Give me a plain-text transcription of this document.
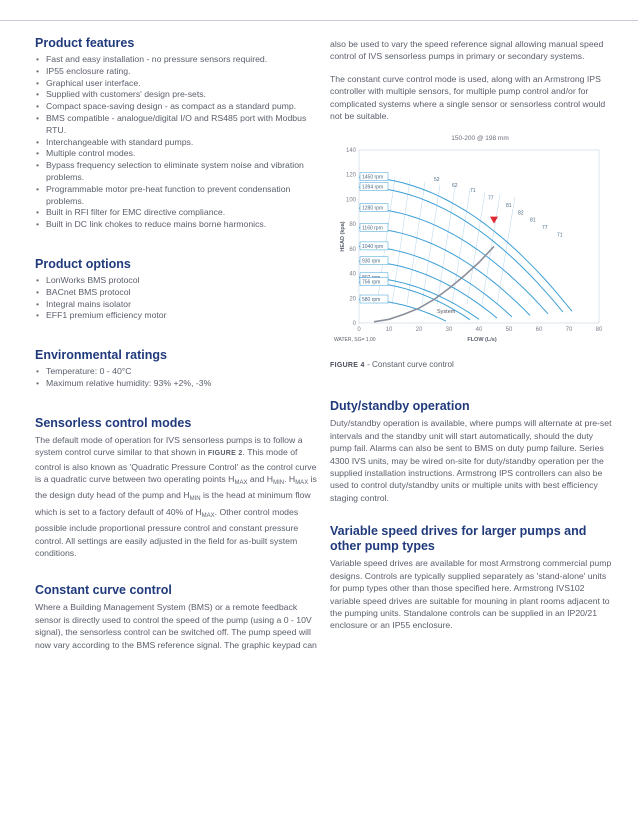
Product features
• Fast and easy installation - no pressure sensors required.
• IP55 enclosure rating.
• Graphical user interface.
• Supplied with customers' design pre-sets.
• Compact space-saving design - as compact as a standard pump.
• BMS compatible - analogue/digital I/O and RS485 port with Modbus RTU.
• Interchangeable with standard pumps.
• Multiple control modes.
• Bypass frequency selection to eliminate system noise and vibration problems.
• Programmable motor pre-heat function to prevent condensation problems.
• Built in RFI filter for EMC directive compliance.
• Built in DC link chokes to reduce mains borne harmonics.
Product options
• LonWorks BMS protocol
• BACnet BMS protocol
• Integral mains isolator
• EFF1 premium efficiency motor
Environmental ratings
• Temperature: 0 - 40°C
• Maximum relative humidity: 93% +2%, -3%
Sensorless control modes

The default mode of operation for IVS sensorless pumps is to follow a system control curve similar to that shown in FIGURE 2. This mode of control is also known as 'Quadratic Pressure Control' as the control curve is a quadratic curve between two operating points $H_{MAX}$ and $H_{MIN}$. $H_{MAX}$ is the design duty head of the pump and $H_{MIN}$ is the head at minimum flow which is set to a factory default of 40% of $H_{MAX}$. Other control modes possible include proportional pressure control and constant pressure control. All settings are easily adjusted in the field for as-built system conditions.

Constant curve control

Where a Building Management System (BMS) or a remote feedback sensor is directly used to control the speed of the pump (using a 0 - 10V signal), the sensorless control can be switched off. The pump speed will now vary according to the BMS reference signal. The graphic keypad can

also be used to vary the speed reference signal allowing manual speed control of IVS sensorless pumps in primary or secondary systems.

The constant curve control mode is used, along with an Armstrong IPS controller with multiple sensors, for multiple pump control and/or for complicated systems where a single sensor or sensorless control would not be suitable.

150-200 @ 198 mm
0
20
40
60
80
100
120
140
0	10	20	30	40	50	60	70	80
HEAD (kpa)
FLOW (L/s)
WATER, SG= 1.00
1450 rpm
1394 rpm
1280 rpm
1160 rpm
1040 rpm
930 rpm
756 rpm
580 rpm
52
62
71
77
81
82
81
77
71
System
FIGURE 4 - Constant curve control
Duty/standby operation

Duty/standby operation is available, where pumps will alternate at pre-set intervals and the standby unit will start automatically, should the duty pump fail. Alarms can also be sent to BMS on duty pump failure. Series 4300 IVS units, may be wired on-site for duty/standby operation per the supplied installation instructions. Armstrong IPS controllers can also be used to control duty/standby units or multiple units with best efficiency staging control.

Variable speed drives for larger pumps and other pump types

Variable speed drives are available for most Armstrong commercial pump designs. Controls are typically supplied separately as 'stand-alone' units for pump types other than those specified here. Armstrong IVS102 variable speed drives are suitable for mouning in plant rooms adjacent to the pumping units. Standalone controls can be supplied in an IP20/21 enclosure or an IP55 enclosure.
